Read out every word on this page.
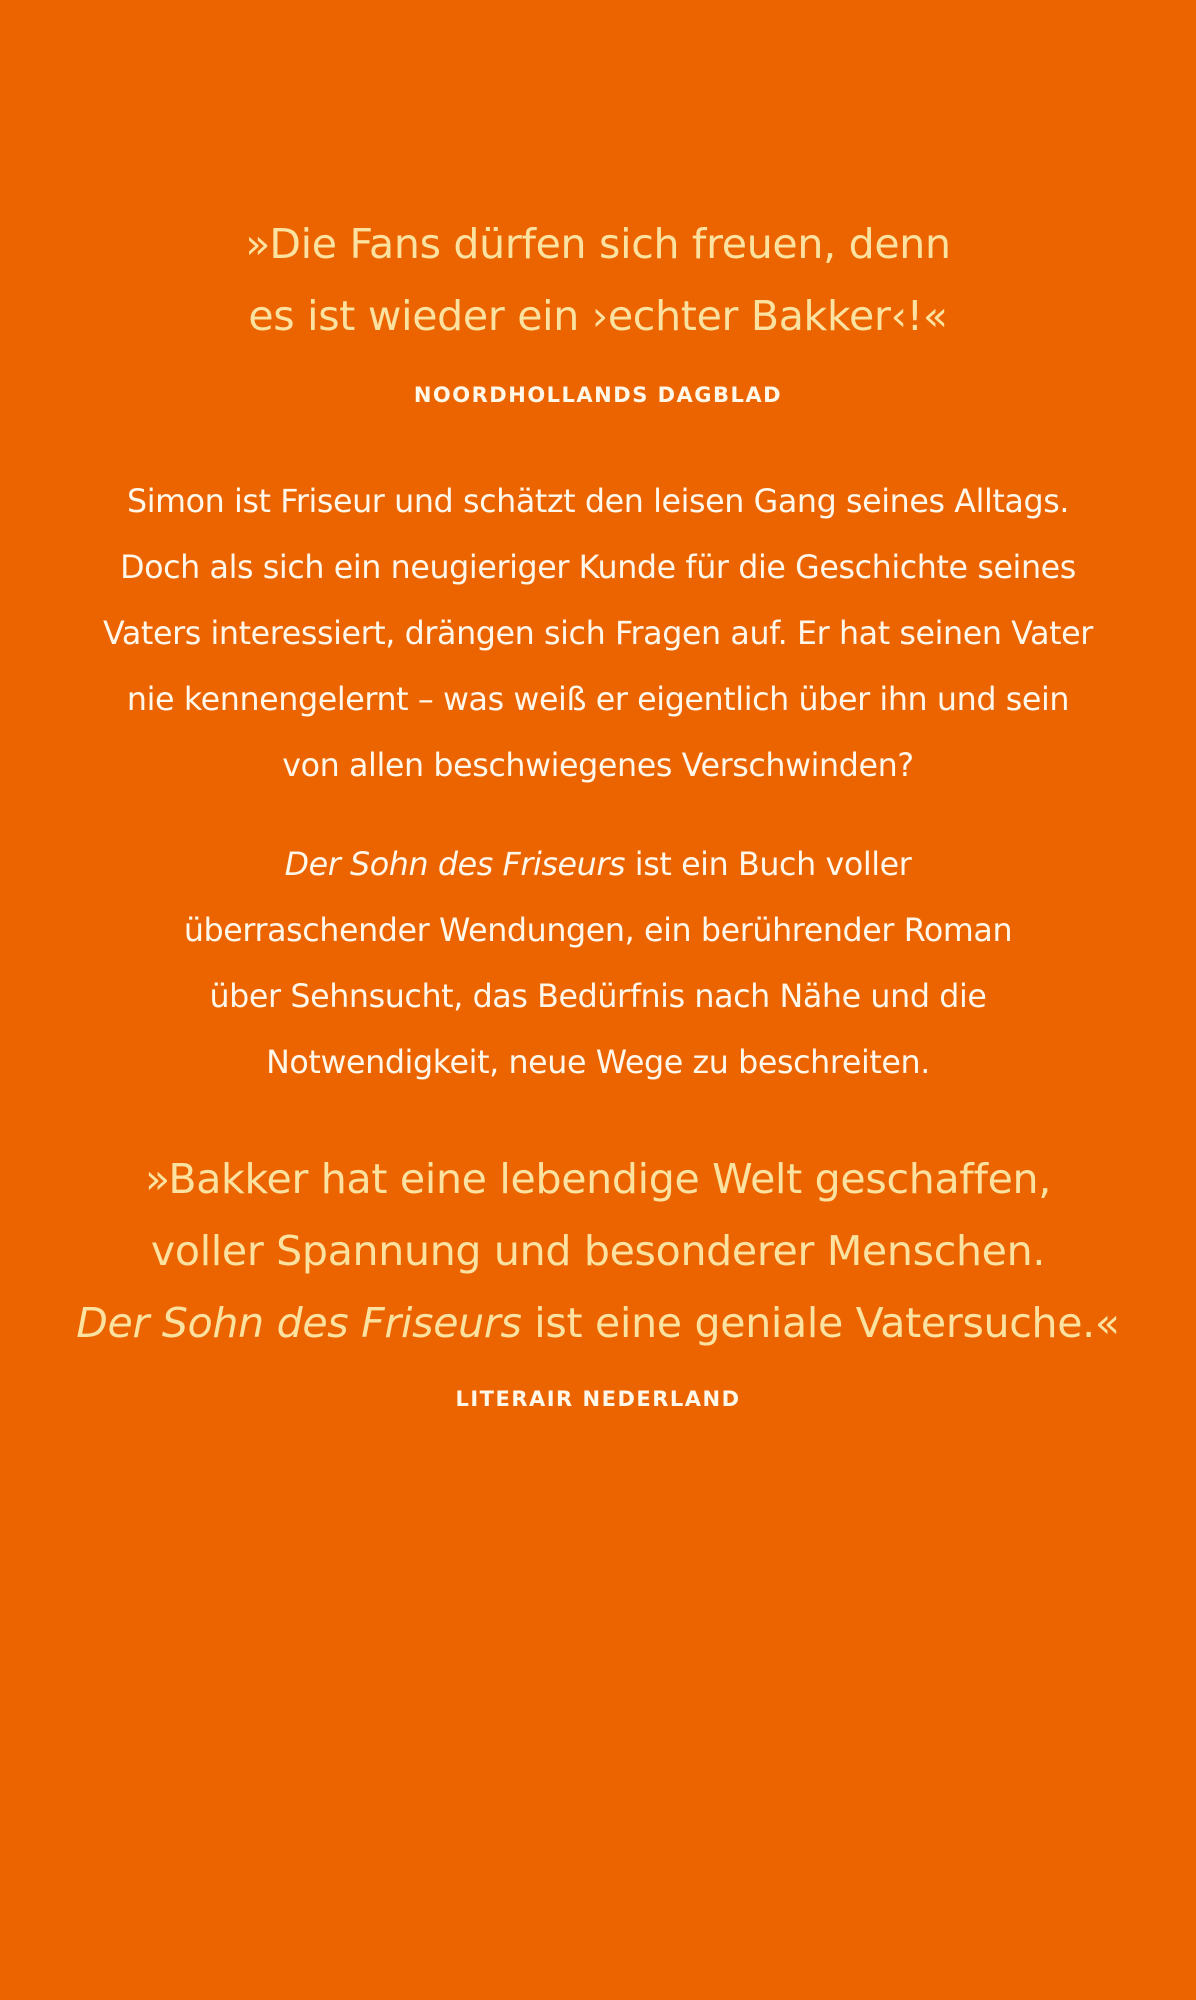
»Die Fans dürfen sich freuen, denn
es ist wieder ein ›echter Bakker‹!«
NOORDHOLLANDS DAGBLAD
Simon ist Friseur und schätzt den leisen Gang seines Alltags.
Doch als sich ein neugieriger Kunde für die Geschichte seines
Vaters interessiert, drängen sich Fragen auf. Er hat seinen Vater
nie kennengelernt – was weiß er eigentlich über ihn und sein
von allen beschwiegenes Verschwinden?
Der Sohn des Friseurs ist ein Buch voller
überraschender Wendungen, ein berührender Roman
über Sehnsucht, das Bedürfnis nach Nähe und die
Notwendigkeit, neue Wege zu beschreiten.
»Bakker hat eine lebendige Welt geschaffen,
voller Spannung und besonderer Menschen.
Der Sohn des Friseurs ist eine geniale Vatersuche.«
LITERAIR NEDERLAND
